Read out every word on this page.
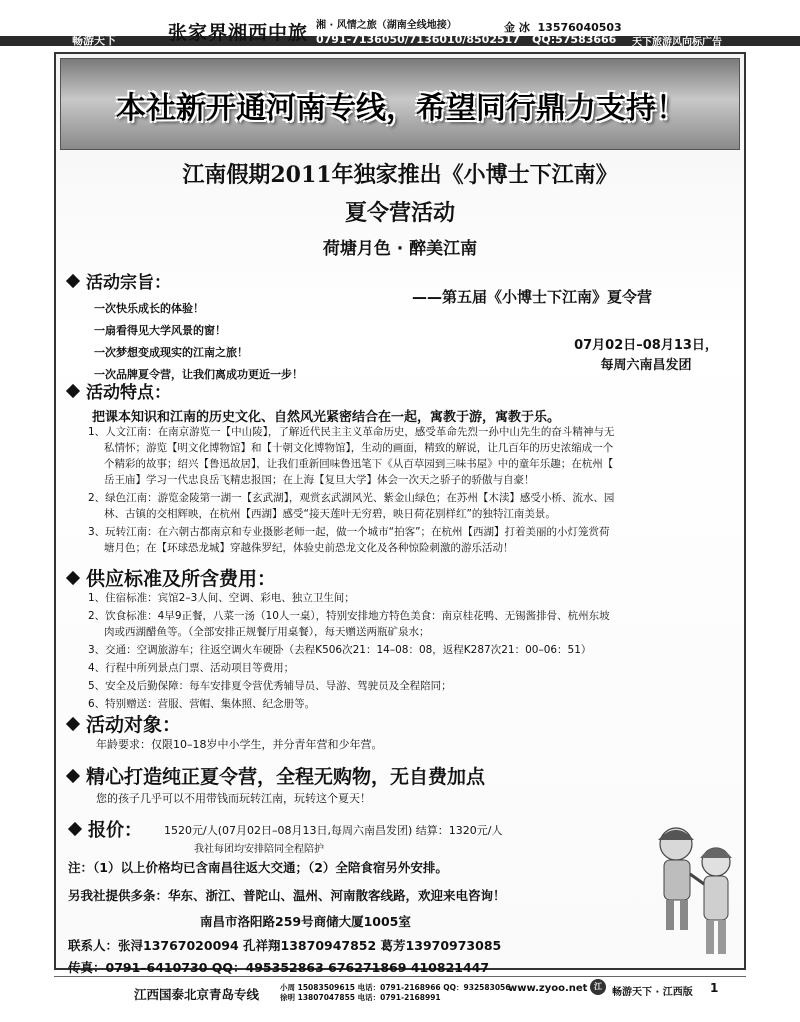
张家界湘西中旅 湘 · 风情之旅（湖南全线地接）	金 冰 13576040503
畅游天下	0791-7136050/7136010/8502517 QQ:57583666 天下旅游风向标广告
本社新开通河南专线，希望同行鼎力支持！
江南假期2011年独家推出《小博士下江南》
夏令营活动
荷塘月色 · 醉美江南
活动宗旨：
——第五届《小博士下江南》夏令营
一次快乐成长的体验！
一扇看得见大学风景的窗！
一次梦想变成现实的江南之旅！
一次品牌夏令营，让我们离成功更近一步！
07月02日–08月13日，
每周六南昌发团
活动特点：
把课本知识和江南的历史文化、自然风光紧密结合在一起，寓教于游，寓教于乐。
1、人文江南：在南京游览一【中山陵】，了解近代民主主义革命历史，感受革命先烈一孙中山先生的奋斗精神与无
私情怀；游览【明文化博物馆】和【十朝文化博物馆】，生动的画面，精致的解说，让几百年的历史浓缩成一个
个精彩的故事；绍兴【鲁迅故居】，让我们重新回味鲁迅笔下《从百草园到三味书屋》中的童年乐趣；在杭州【
岳王庙】学习一代忠良岳飞精忠报国；在上海【复旦大学】体会一次天之骄子的骄傲与自豪！
2、绿色江南：游览金陵第一湖一【玄武湖】，观赏玄武湖风光、紫金山绿色；在苏州【木渎】感受小桥、流水、园
林、古镇的交相辉映，在杭州【西湖】感受“接天莲叶无穷碧，映日荷花别样红”的独特江南美景。
3、玩转江南：在六朝古都南京和专业摄影老师一起，做一个城市“拍客”；在杭州【西湖】打着美丽的小灯笼赏荷
塘月色；在【环球恐龙城】穿越侏罗纪，体验史前恐龙文化及各种惊险刺激的游乐活动！
供应标准及所含费用：
1、住宿标准：宾馆2–3人间、空调、彩电、独立卫生间；
2、饮食标准：4早9正餐，八菜一汤（10人一桌），特别安排地方特色美食：南京桂花鸭、无锡酱排骨、杭州东坡
肉或西湖醋鱼等。（全部安排正规餐厅用桌餐），每天赠送两瓶矿泉水；
3、交通：空调旅游车；往返空调火车硬卧（去程K506次21：14–08：08，返程K287次21：00–06：51）
4、行程中所列景点门票、活动项目等费用；
5、安全及后勤保障：每车安排夏令营优秀辅导员、导游、驾驶员及全程陪同；
6、特别赠送：营服、营帽、集体照、纪念册等。
活动对象：
年龄要求：仅限10–18岁中小学生，并分青年营和少年营。
精心打造纯正夏令营，全程无购物，无自费加点
您的孩子几乎可以不用带钱而玩转江南，玩转这个夏天！
报价： 1520元/人(07月02日–08月13日,每周六南昌发团) 结算：1320元/人
我社每团均安排陪同全程陪护
注：（1）以上价格均已含南昌往返大交通；（2）全陪食宿另外安排。
另我社提供多条：华东、浙江、普陀山、温州、河南散客线路，欢迎来电咨询！
南昌市洛阳路259号商储大厦1005室
联系人：张浔13767020094 孔祥翔13870947852 葛芳13970973085
传真：0791–6410730 QQ：495352863 676271869 410821447
江西国泰北京青岛专线	小周 15083509615 电话：0791-2168966 QQ：932583056
徐明 13807047855 电话：0791-2168991
www.zyoo.net 江
畅游天下 · 江西版 1
